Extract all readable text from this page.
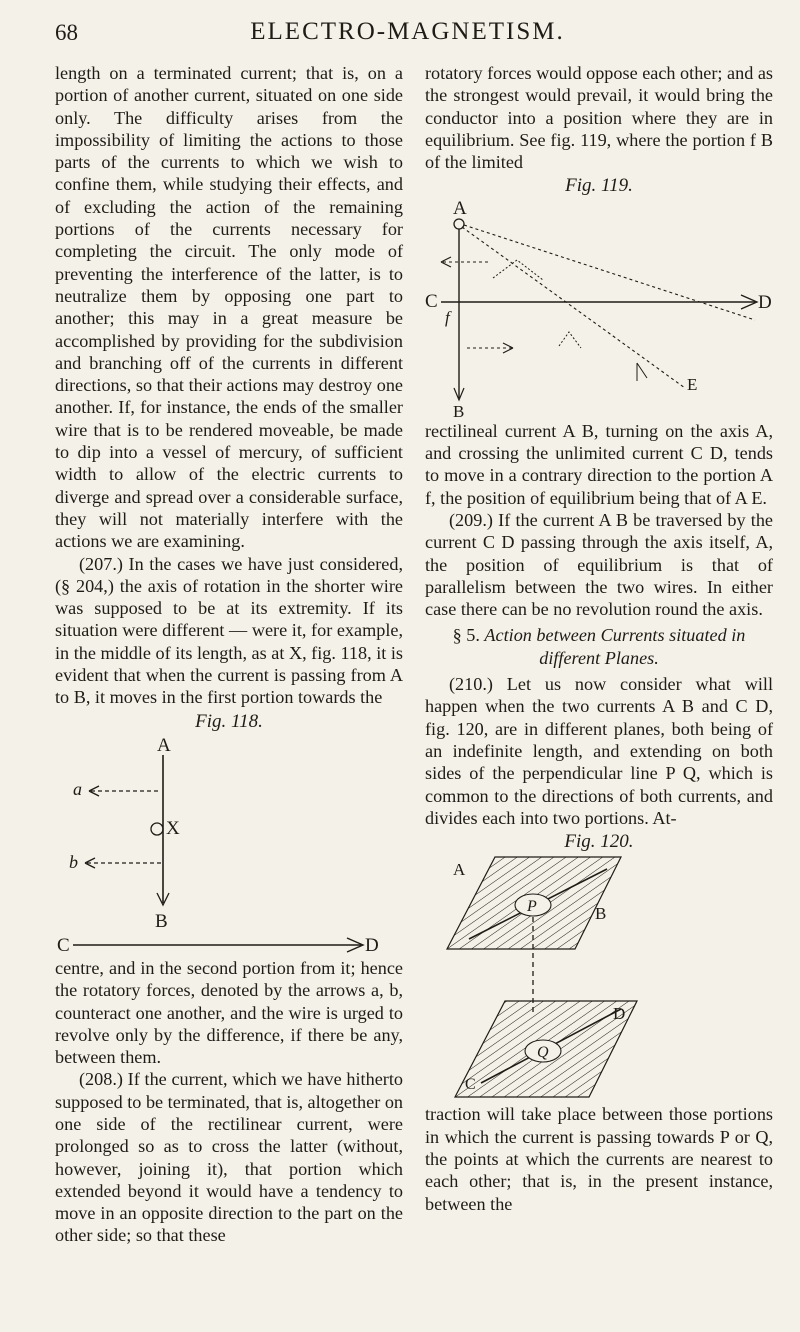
68	ELECTRO-MAGNETISM.

length on a terminated current; that is, on a portion of another current, situated on one side only. The difficulty arises from the impossibility of limiting the actions to those parts of the currents to which we wish to confine them, while studying their effects, and of excluding the action of the remaining portions of the currents necessary for completing the circuit. The only mode of preventing the interference of the latter, is to neutralize them by opposing one part to another; this may in a great measure be accomplished by providing for the subdivision and branching off of the currents in different directions, so that their actions may destroy one another. If, for instance, the ends of the smaller wire that is to be rendered moveable, be made to dip into a vessel of mercury, of sufficient width to allow of the electric currents to diverge and spread over a considerable surface, they will not materially interfere with the actions we are examining.

(207.) In the cases we have just considered, (§ 204,) the axis of rotation in the shorter wire was supposed to be at its extremity. If its situation were different — were it, for example, in the middle of its length, as at X, fig. 118, it is evident that when the current is passing from A to B, it moves in the first portion towards the

Fig. 118.
A
a
X
b
B
C	D

centre, and in the second portion from it; hence the rotatory forces, denoted by the arrows a, b, counteract one another, and the wire is urged to revolve only by the difference, if there be any, between them.

(208.) If the current, which we have hitherto supposed to be terminated, that is, altogether on one side of the rectilinear current, were prolonged so as to cross the latter (without, however, joining it), that portion which extended beyond it would have a tendency to move in an opposite direction to the part on the other side; so that these

rotatory forces would oppose each other; and as the strongest would prevail, it would bring the conductor into a position where they are in equilibrium. See fig. 119, where the portion f B of the limited

Fig. 119.
A
C	D
f
E
B

rectilineal current A B, turning on the axis A, and crossing the unlimited current C D, tends to move in a contrary direction to the portion A f, the position of equilibrium being that of A E.

(209.) If the current A B be traversed by the current C D passing through the axis itself, A, the position of equilibrium is that of parallelism between the two wires. In either case there can be no revolution round the axis.

§ 5. Action between Currents situated in different Planes.

(210.) Let us now consider what will happen when the two currents A B and C D, fig. 120, are in different planes, both being of an indefinite length, and extending on both sides of the perpendicular line P Q, which is common to the directions of both currents, and divides each into two portions. At-

Fig. 120.
A
P	B
C
Q
D

traction will take place between those portions in which the current is passing towards P or Q, the points at which the currents are nearest to each other; that is, in the present instance, between the
